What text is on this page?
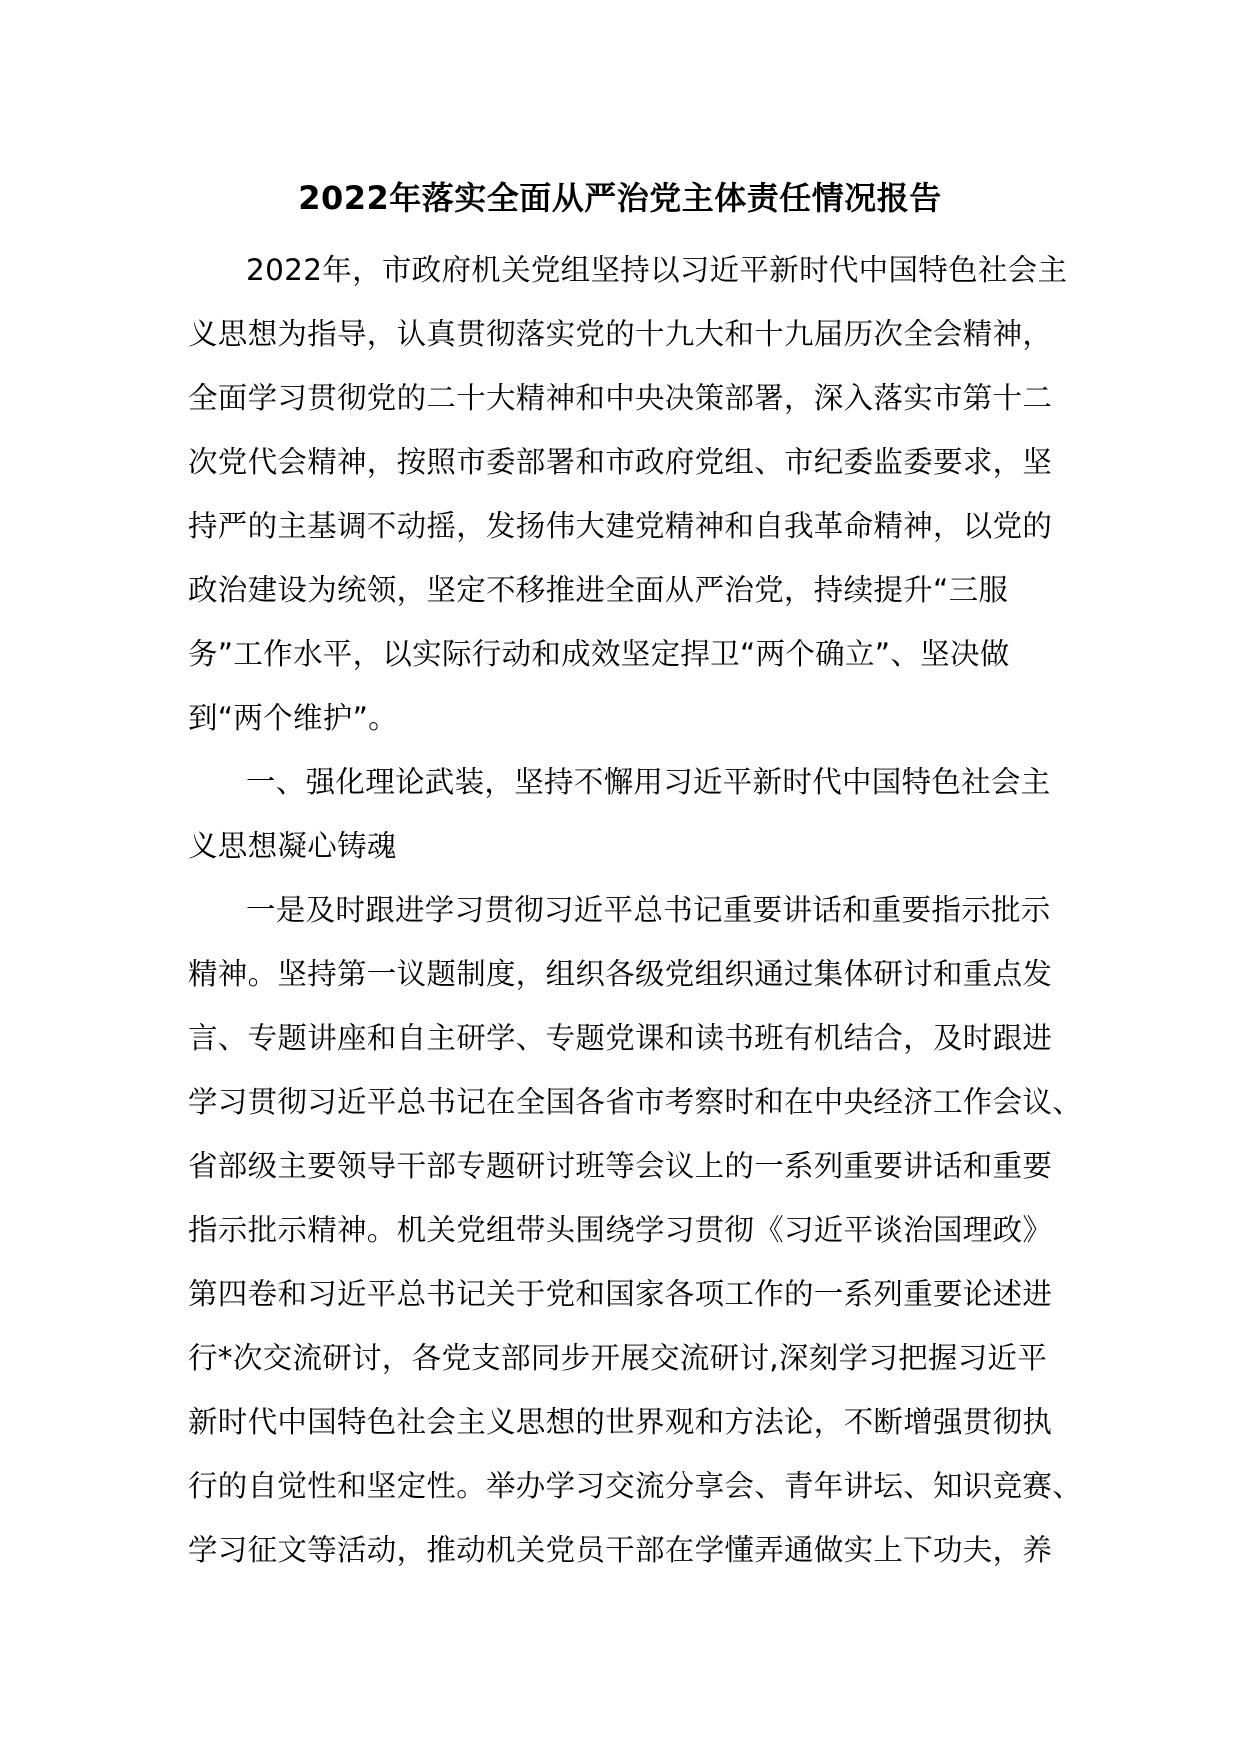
2022年落实全面从严治党主体责任情况报告
2022年，市政府机关党组坚持以习近平新时代中国特色社会主
义思想为指导，认真贯彻落实党的十九大和十九届历次全会精神，
全面学习贯彻党的二十大精神和中央决策部署，深入落实市第十二
次党代会精神，按照市委部署和市政府党组、市纪委监委要求，坚
持严的主基调不动摇，发扬伟大建党精神和自我革命精神，以党的
政治建设为统领，坚定不移推进全面从严治党，持续提升“三服
务”工作水平，以实际行动和成效坚定捍卫“两个确立”、坚决做
到“两个维护”。
一、强化理论武装，坚持不懈用习近平新时代中国特色社会主
义思想凝心铸魂
一是及时跟进学习贯彻习近平总书记重要讲话和重要指示批示
精神。坚持第一议题制度，组织各级党组织通过集体研讨和重点发
言、专题讲座和自主研学、专题党课和读书班有机结合，及时跟进
学习贯彻习近平总书记在全国各省市考察时和在中央经济工作会议、
省部级主要领导干部专题研讨班等会议上的一系列重要讲话和重要
指示批示精神。机关党组带头围绕学习贯彻《习近平谈治国理政》
第四卷和习近平总书记关于党和国家各项工作的一系列重要论述进
行*次交流研讨，各党支部同步开展交流研讨,深刻学习把握习近平
新时代中国特色社会主义思想的世界观和方法论，不断增强贯彻执
行的自觉性和坚定性。举办学习交流分享会、青年讲坛、知识竞赛、
学习征文等活动，推动机关党员干部在学懂弄通做实上下功夫，养
